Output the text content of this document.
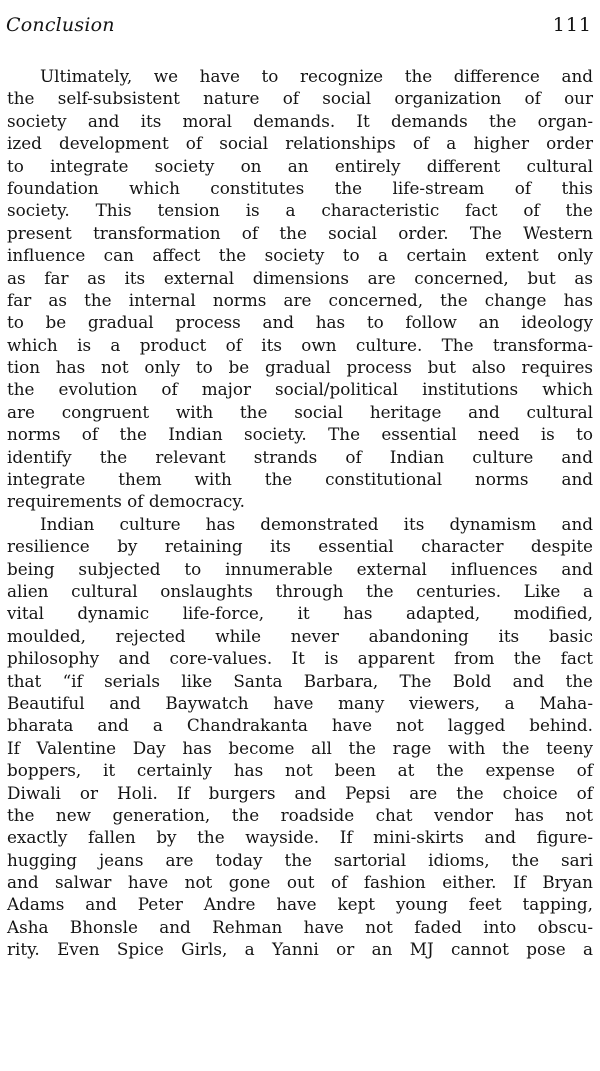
Conclusion	111
Ultimately, we have to recognize the difference and
the self-subsistent nature of social organization of our
society and its moral demands. It demands the organ-
ized development of social relationships of a higher order
to integrate society on an entirely different cultural
foundation which constitutes the life-stream of this
society. This tension is a characteristic fact of the
present transformation of the social order. The Western
influence can affect the society to a certain extent only
as far as its external dimensions are concerned, but as
far as the internal norms are concerned, the change has
to be gradual process and has to follow an ideology
which is a product of its own culture. The transforma-
tion has not only to be gradual process but also requires
the evolution of major social/political institutions which
are congruent with the social heritage and cultural
norms of the Indian society. The essential need is to
identify the relevant strands of Indian culture and
integrate them with the constitutional norms and
requirements of democracy.
Indian culture has demonstrated its dynamism and
resilience by retaining its essential character despite
being subjected to innumerable external influences and
alien cultural onslaughts through the centuries. Like a
vital dynamic life-force, it has adapted, modified,
moulded, rejected while never abandoning its basic
philosophy and core-values. It is apparent from the fact
that “if serials like Santa Barbara, The Bold and the
Beautiful and Baywatch have many viewers, a Maha-
bharata and a Chandrakanta have not lagged behind.
If Valentine Day has become all the rage with the teeny
boppers, it certainly has not been at the expense of
Diwali or Holi. If burgers and Pepsi are the choice of
the new generation, the roadside chat vendor has not
exactly fallen by the wayside. If mini-skirts and figure-
hugging jeans are today the sartorial idioms, the sari
and salwar have not gone out of fashion either. If Bryan
Adams and Peter Andre have kept young feet tapping,
Asha Bhonsle and Rehman have not faded into obscu-
rity. Even Spice Girls, a Yanni or an MJ cannot pose a
